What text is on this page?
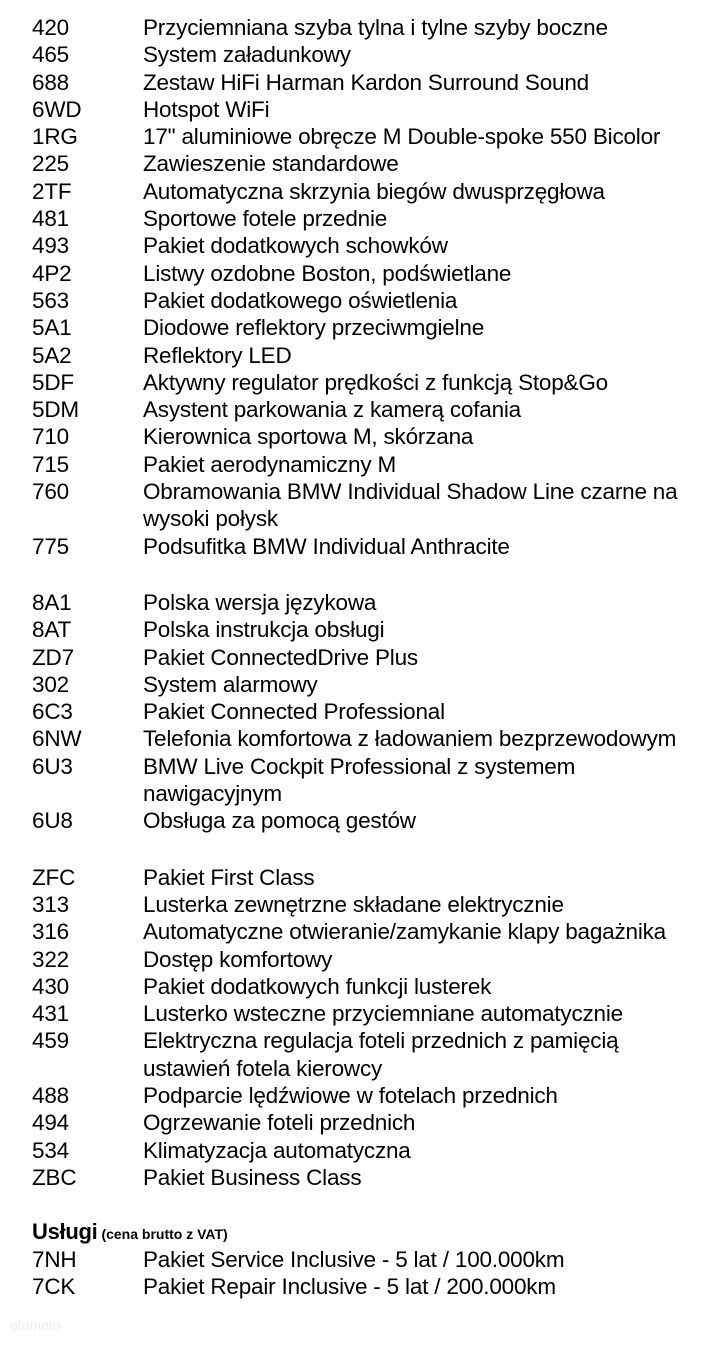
420	Przyciemniana szyba tylna i tylne szyby boczne
465	System załadunkowy
688	Zestaw HiFi Harman Kardon Surround Sound
6WD	Hotspot WiFi
1RG	17" aluminiowe obręcze M Double-spoke 550 Bicolor
225	Zawieszenie standardowe
2TF	Automatyczna skrzynia biegów dwusprzęgłowa
481	Sportowe fotele przednie
493	Pakiet dodatkowych schowków
4P2	Listwy ozdobne Boston, podświetlane
563	Pakiet dodatkowego oświetlenia
5A1	Diodowe reflektory przeciwmgielne
5A2	Reflektory LED
5DF	Aktywny regulator prędkości z funkcją Stop&Go
5DM	Asystent parkowania z kamerą cofania
710	Kierownica sportowa M, skórzana
715	Pakiet aerodynamiczny M
760	Obramowania BMW Individual Shadow Line czarne na wysoki połysk
775	Podsufitka BMW Individual Anthracite
8A1	Polska wersja językowa
8AT	Polska instrukcja obsługi
ZD7	Pakiet ConnectedDrive Plus
302	System alarmowy
6C3	Pakiet Connected Professional
6NW	Telefonia komfortowa z ładowaniem bezprzewodowym
6U3	BMW Live Cockpit Professional z systemem nawigacyjnym
6U8	Obsługa za pomocą gestów
ZFC	Pakiet First Class
313	Lusterka zewnętrzne składane elektrycznie
316	Automatyczne otwieranie/zamykanie klapy bagażnika
322	Dostęp komfortowy
430	Pakiet dodatkowych funkcji lusterek
431	Lusterko wsteczne przyciemniane automatycznie
459	Elektryczna regulacja foteli przednich z pamięcią ustawień fotela kierowcy
488	Podparcie lędźwiowe w fotelach przednich
494	Ogrzewanie foteli przednich
534	Klimatyzacja automatyczna
ZBC	Pakiet Business Class
Usługi (cena brutto z VAT)
7NH	Pakiet Service Inclusive - 5 lat / 100.000km
7CK	Pakiet Repair Inclusive - 5 lat / 200.000km
otomoto
